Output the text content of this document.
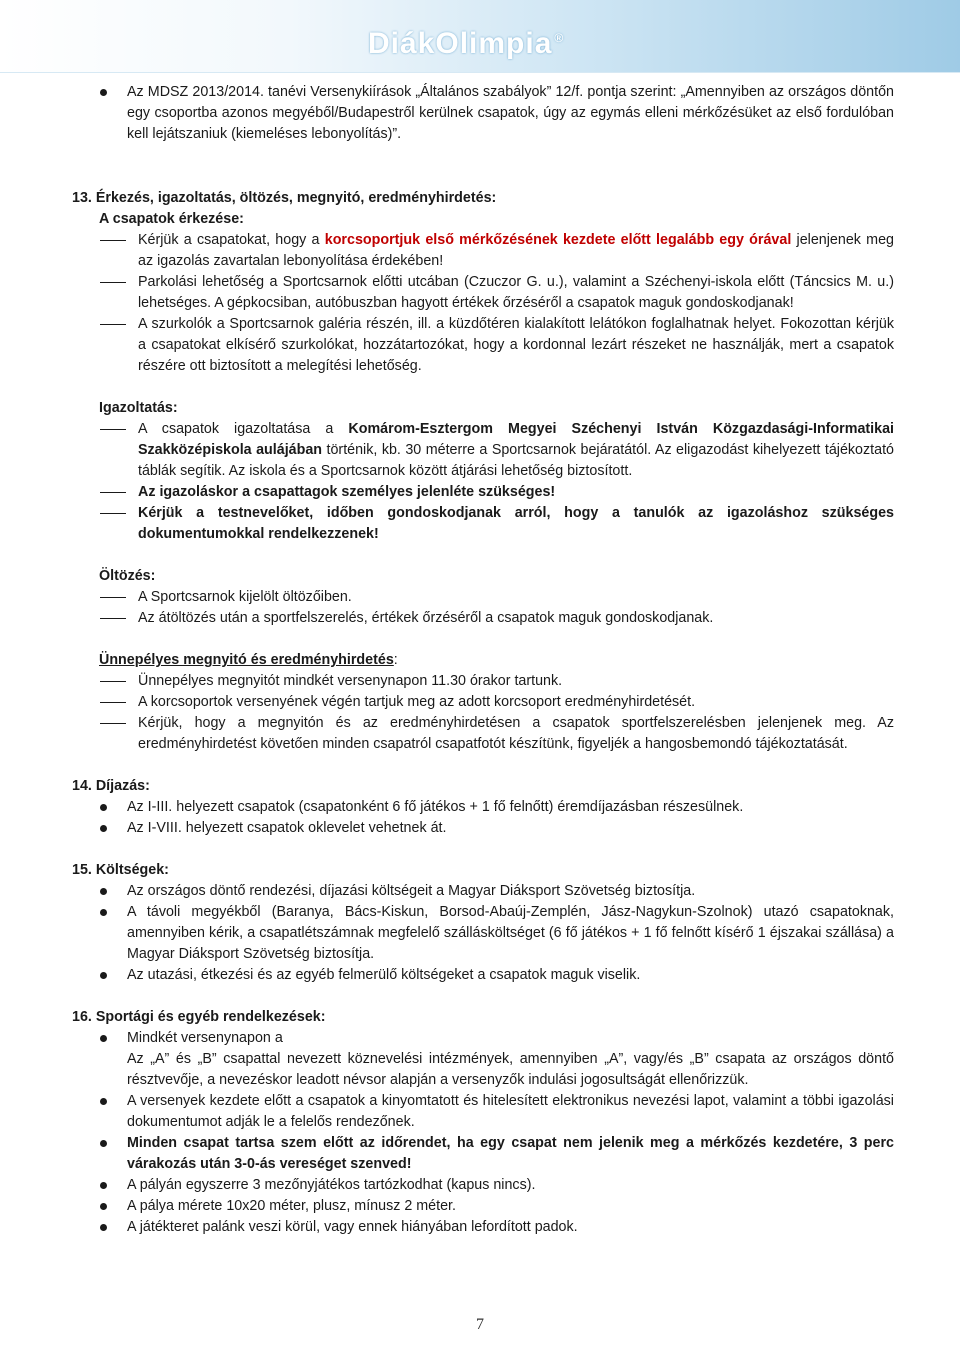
DiákOlimpia ®

Az MDSZ 2013/2014. tanévi Versenykiírások „Általános szabályok” 12/f. pontja szerint: „Amennyiben az országos döntőn egy csoportba azonos megyéből/Budapestről kerülnek csapatok, úgy az egymás elleni mérkőzésüket az első fordulóban kell lejátszaniuk (kiemeléses lebonyolítás)”.

13. Érkezés, igazoltatás, öltözés, megnyitó, eredményhirdetés:

A csapatok érkezése:

Kérjük a csapatokat, hogy a korcsoportjuk első mérkőzésének kezdete előtt legalább egy órával jelenjenek meg az igazolás zavartalan lebonyolítása érdekében!

Parkolási lehetőség a Sportcsarnok előtti utcában (Czuczor G. u.), valamint a Széchenyi-iskola előtt (Táncsics M. u.) lehetséges. A gépkocsiban, autóbuszban hagyott értékek őrzéséről a csapatok maguk gondoskodjanak!

A szurkolók a Sportcsarnok galéria részén, ill. a küzdőtéren kialakított lelátókon foglalhatnak helyet. Fokozottan kérjük a csapatokat elkísérő szurkolókat, hozzátartozókat, hogy a kordonnal lezárt részeket ne használják, mert a csapatok részére ott biztosított a melegítési lehetőség.

Igazoltatás:

A csapatok igazoltatása a Komárom-Esztergom Megyei Széchenyi István Közgazdasági-Informatikai Szakközépiskola aulájában történik, kb. 30 méterre a Sportcsarnok bejáratától. Az eligazodást kihelyezett tájékoztató táblák segítik. Az iskola és a Sportcsarnok között átjárási lehetőség biztosított.

Az igazoláskor a csapattagok személyes jelenléte szükséges!

Kérjük a testnevelőket, időben gondoskodjanak arról, hogy a tanulók az igazoláshoz szükséges dokumentumokkal rendelkezzenek!

Öltözés:

A Sportcsarnok kijelölt öltözőiben.

Az átöltözés után a sportfelszerelés, értékek őrzéséről a csapatok maguk gondoskodjanak.

Ünnepélyes megnyitó és eredményhirdetés:

Ünnepélyes megnyitót mindkét versenynapon 11.30 órakor tartunk.

A korcsoportok versenyének végén tartjuk meg az adott korcsoport eredményhirdetését.

Kérjük, hogy a megnyitón és az eredményhirdetésen a csapatok sportfelszerelésben jelenjenek meg. Az eredményhirdetést követően minden csapatról csapatfotót készítünk, figyeljék a hangosbemondó tájékoztatását.

14. Díjazás:

Az I-III. helyezett csapatok (csapatonként 6 fő játékos + 1 fő felnőtt) éremdíjazásban részesülnek.

Az I-VIII. helyezett csapatok oklevelet vehetnek át.

15. Költségek:

Az országos döntő rendezési, díjazási költségeit a Magyar Diáksport Szövetség biztosítja.

A távoli megyékből (Baranya, Bács-Kiskun, Borsod-Abaúj-Zemplén, Jász-Nagykun-Szolnok) utazó csapatoknak, amennyiben kérik, a csapatlétszámnak megfelelő szállásköltséget (6 fő játékos + 1 fő felnőtt kísérő 1 éjszakai szállása) a Magyar Diáksport Szövetség biztosítja.

Az utazási, étkezési és az egyéb felmerülő költségeket a csapatok maguk viselik.

16. Sportági és egyéb rendelkezések:

Mindkét versenynapon a

Az „A” és „B” csapattal nevezett köznevelési intézmények, amennyiben „A”, vagy/és „B” csapata az országos döntő résztvevője, a nevezéskor leadott névsor alapján a versenyzők indulási jogosultságát ellenőrizzük.

A versenyek kezdete előtt a csapatok a kinyomtatott és hitelesített elektronikus nevezési lapot, valamint a többi igazolási dokumentumot adják le a felelős rendezőnek.

Minden csapat tartsa szem előtt az időrendet, ha egy csapat nem jelenik meg a mérkőzés kezdetére, 3 perc várakozás után 3-0-ás vereséget szenved!

A pályán egyszerre 3 mezőnyjátékos tartózkodhat (kapus nincs).

A pálya mérete 10x20 méter, plusz, mínusz 2 méter.

A játékteret palánk veszi körül, vagy ennek hiányában lefordított padok.

7
